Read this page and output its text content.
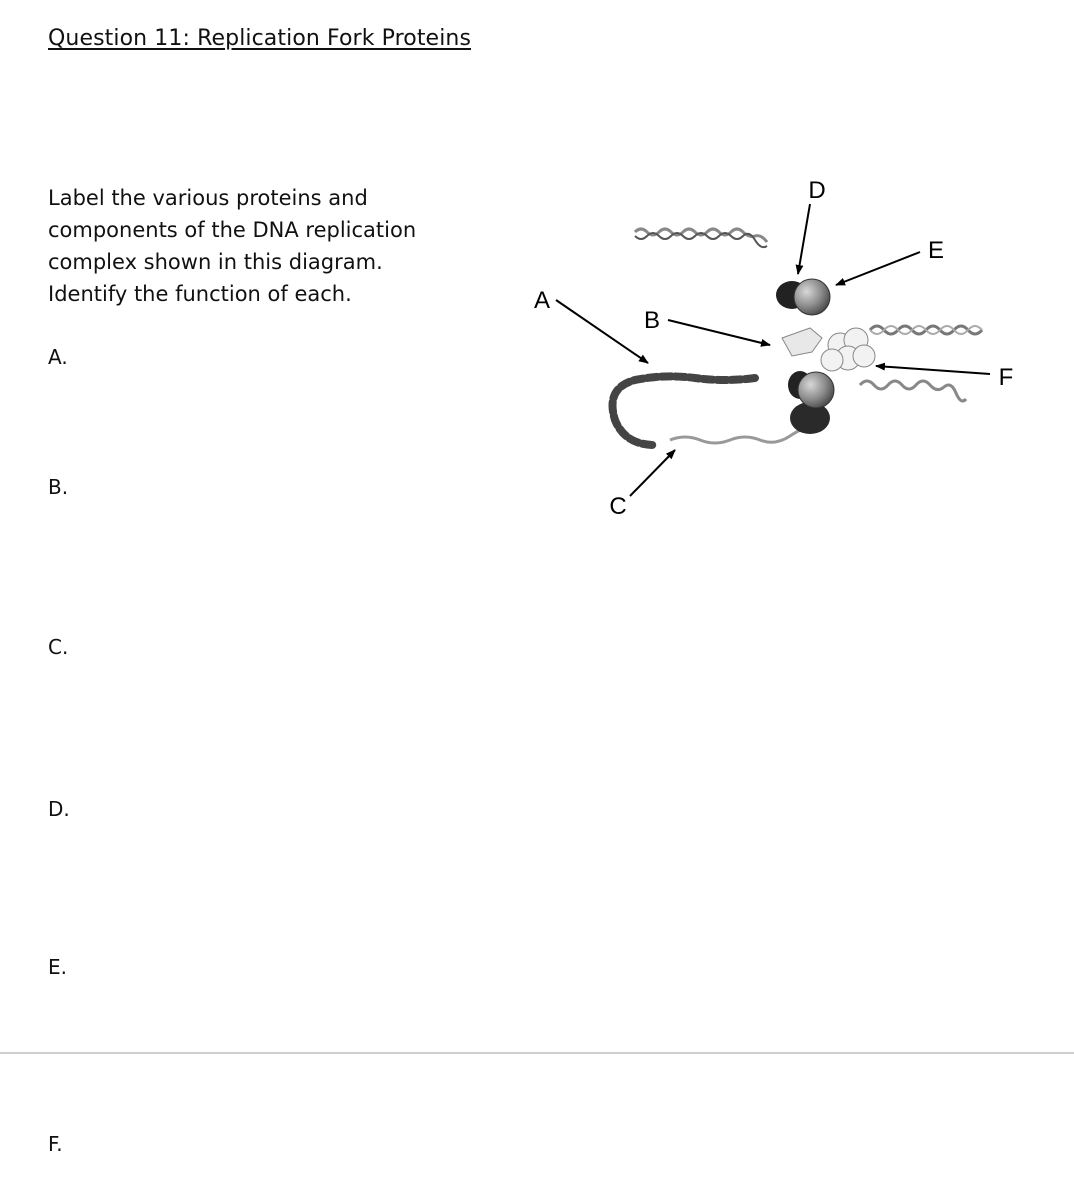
Question 11: Replication Fork Proteins
Label the various proteins and components of the DNA replication complex shown in this diagram. Identify the function of each.
A.
B.
C.
D.
E.
F.
A
B
C
D
E
F
